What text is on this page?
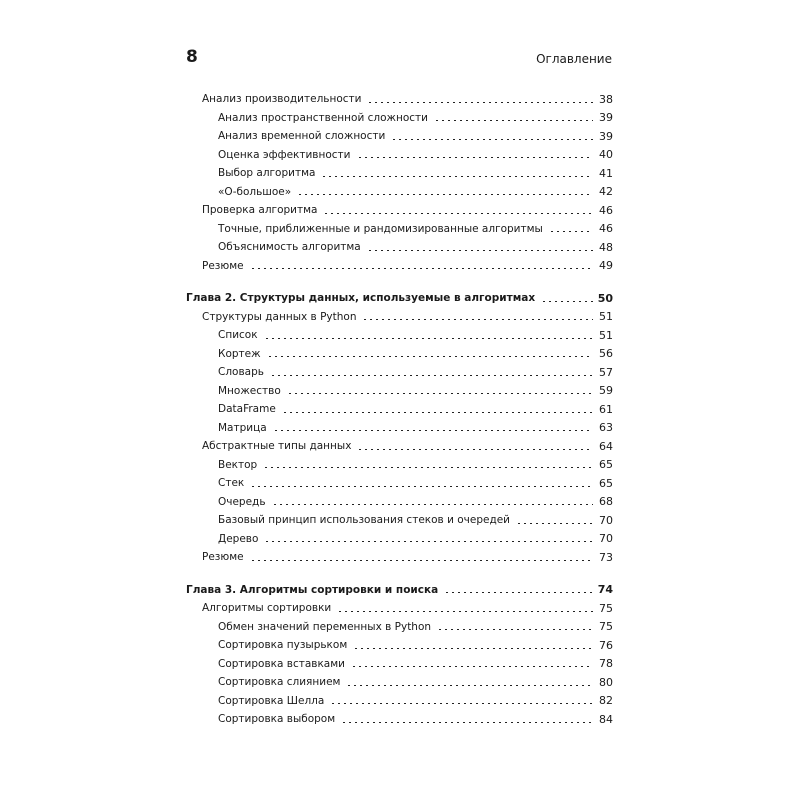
8	Оглавление
Анализ производительности	38
Анализ пространственной сложности	39
Анализ временной сложности	39
Оценка эффективности	40
Выбор алгоритма	41
«О-большое»	42
Проверка алгоритма	46
Точные, приближенные и рандомизированные алгоритмы	46
Объяснимость алгоритма	48
Резюме	49
Глава 2. Структуры данных, используемые в алгоритмах	50
Структуры данных в Python	51
Список	51
Кортеж	56
Словарь	57
Множество	59
DataFrame	61
Матрица	63
Абстрактные типы данных	64
Вектор	65
Стек	65
Очередь	68
Базовый принцип использования стеков и очередей	70
Дерево	70
Резюме	73
Глава 3. Алгоритмы сортировки и поиска	74
Алгоритмы сортировки	75
Обмен значений переменных в Python	75
Сортировка пузырьком	76
Сортировка вставками	78
Сортировка слиянием	80
Сортировка Шелла	82
Сортировка выбором	84
